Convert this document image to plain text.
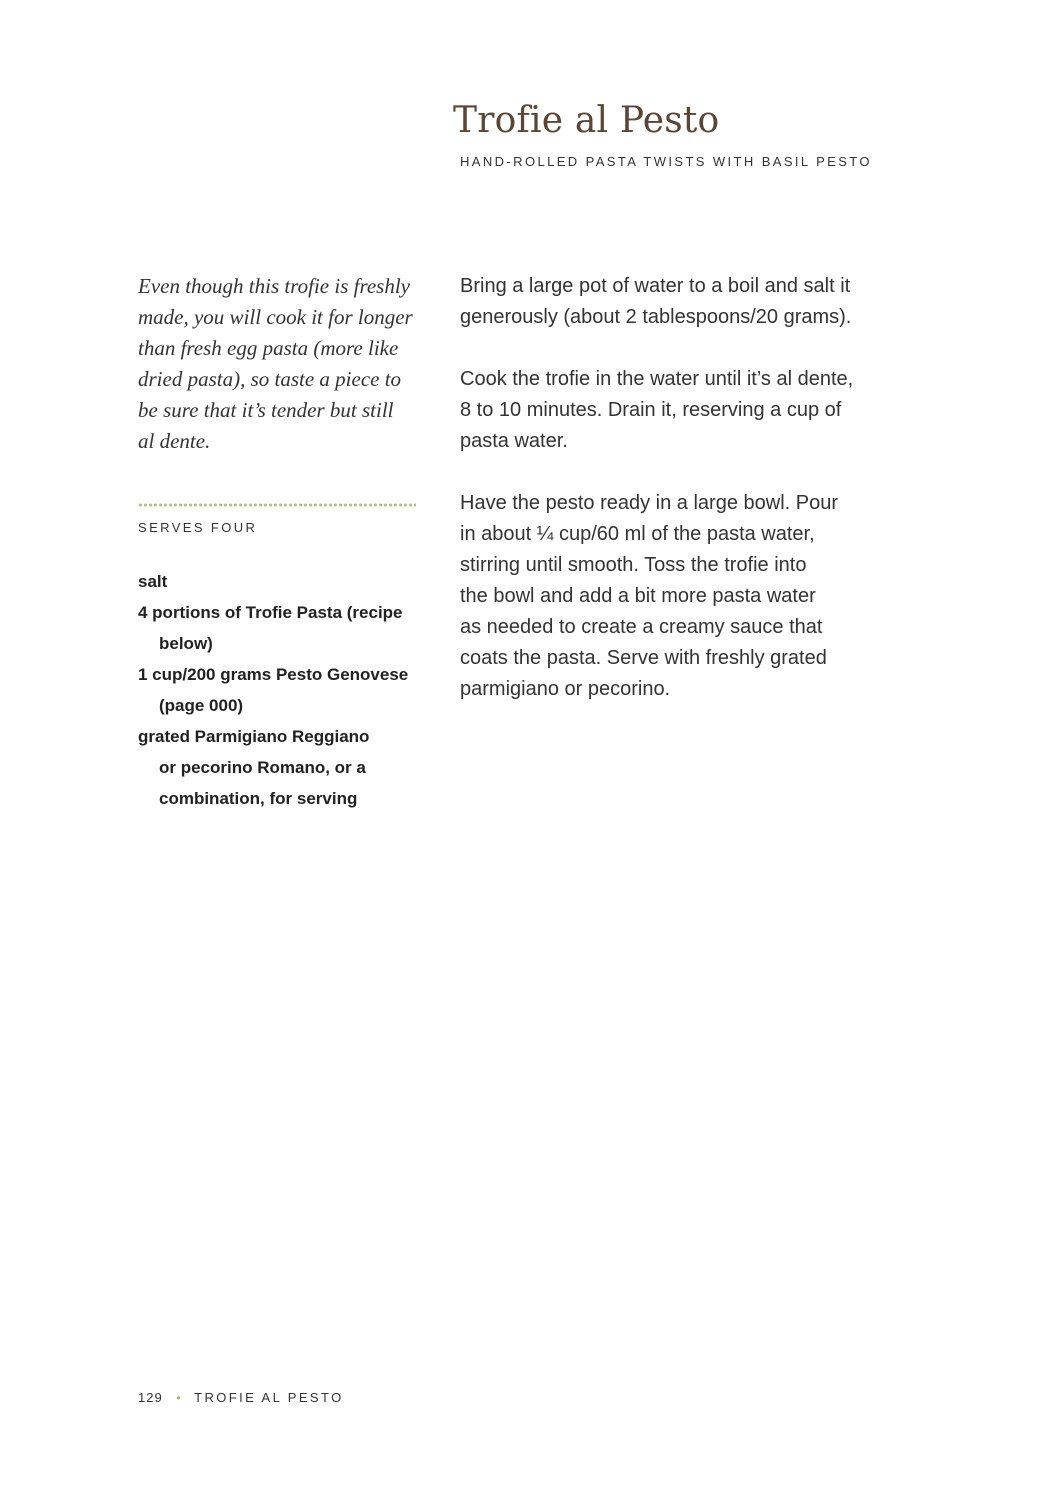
Trofie al Pesto
HAND-ROLLED PASTA TWISTS WITH BASIL PESTO
Even though this trofie is freshly
made, you will cook it for longer
than fresh egg pasta (more like
dried pasta), so taste a piece to
be sure that it’s tender but still
al dente.
SERVES FOUR
salt
4 portions of Trofie Pasta (recipe
below)
1 cup/200 grams Pesto Genovese
(page 000)
grated Parmigiano Reggiano
or pecorino Romano, or a
combination, for serving
Bring a large pot of water to a boil and salt it
generously (about 2 tablespoons/20 grams).
Cook the trofie in the water until it’s al dente,
8 to 10 minutes. Drain it, reserving a cup of
pasta water.
Have the pesto ready in a large bowl. Pour
in about ¼ cup/60 ml of the pasta water,
stirring until smooth. Toss the trofie into
the bowl and add a bit more pasta water
as needed to create a creamy sauce that
coats the pasta. Serve with freshly grated
parmigiano or pecorino.
129 • TROFIE AL PESTO
